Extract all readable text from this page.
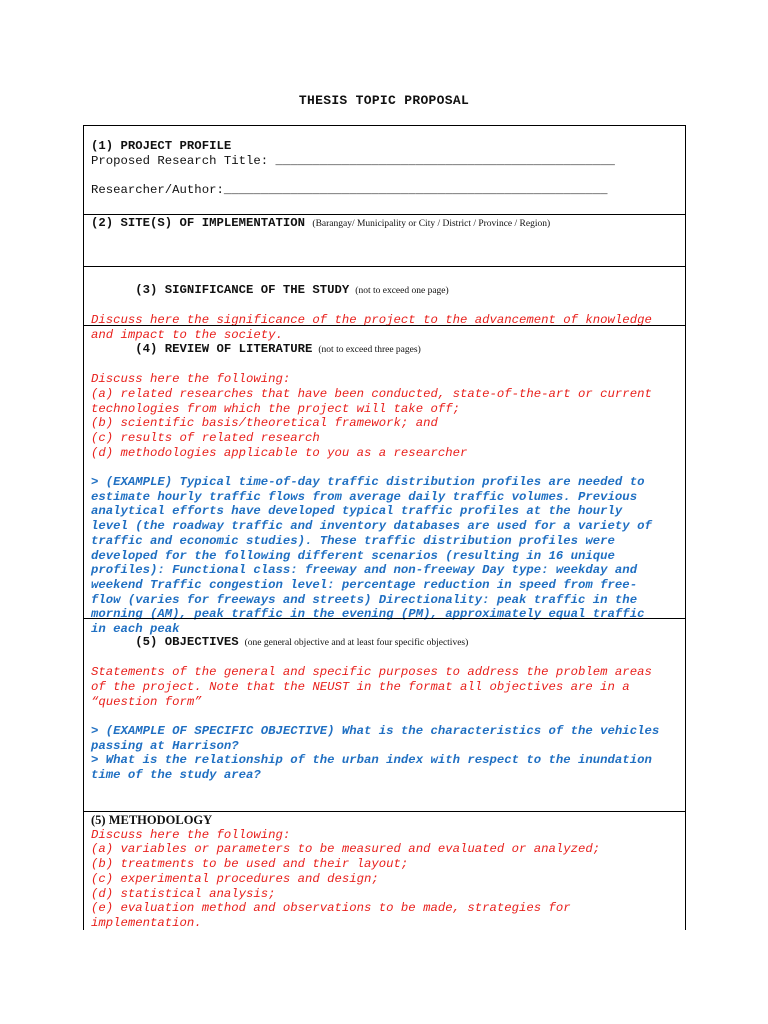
THESIS TOPIC PROPOSAL
(1) PROJECT PROFILE
Proposed Research Title: ______________________________________________
Researcher/Author:____________________________________________________
(2) SITE(S) OF IMPLEMENTATION (Barangay/ Municipality or City / District / Province / Region)

(3) SIGNIFICANCE OF THE STUDY (not to exceed one page)

Discuss here the significance of the project to the advancement of knowledge
and impact to the society.

(4) REVIEW OF LITERATURE (not to exceed three pages)

Discuss here the following:
(a) related researches that have been conducted, state-of-the-art or current
technologies from which the project will take off;
(b) scientific basis/theoretical framework; and
(c) results of related research
(d) methodologies applicable to you as a researcher
> (EXAMPLE) Typical time-of-day traffic distribution profiles are needed to
estimate hourly traffic flows from average daily traffic volumes. Previous
analytical efforts have developed typical traffic profiles at the hourly
level (the roadway traffic and inventory databases are used for a variety of
traffic and economic studies). These traffic distribution profiles were
developed for the following different scenarios (resulting in 16 unique
profiles): Functional class: freeway and non-freeway Day type: weekday and
weekend Traffic congestion level: percentage reduction in speed from free-
flow (varies for freeways and streets) Directionality: peak traffic in the
morning (AM), peak traffic in the evening (PM), approximately equal traffic
in each peak

(5) OBJECTIVES (one general objective and at least four specific objectives)

Statements of the general and specific purposes to address the problem areas
of the project. Note that the NEUST in the format all objectives are in a
“question form”
> (EXAMPLE OF SPECIFIC OBJECTIVE) What is the characteristics of the vehicles
passing at Harrison?
> What is the relationship of the urban index with respect to the inundation
time of the study area?
(5) METHODOLOGY
Discuss here the following:
(a) variables or parameters to be measured and evaluated or analyzed;
(b) treatments to be used and their layout;
(c) experimental procedures and design;
(d) statistical analysis;
(e) evaluation method and observations to be made, strategies for
implementation.
